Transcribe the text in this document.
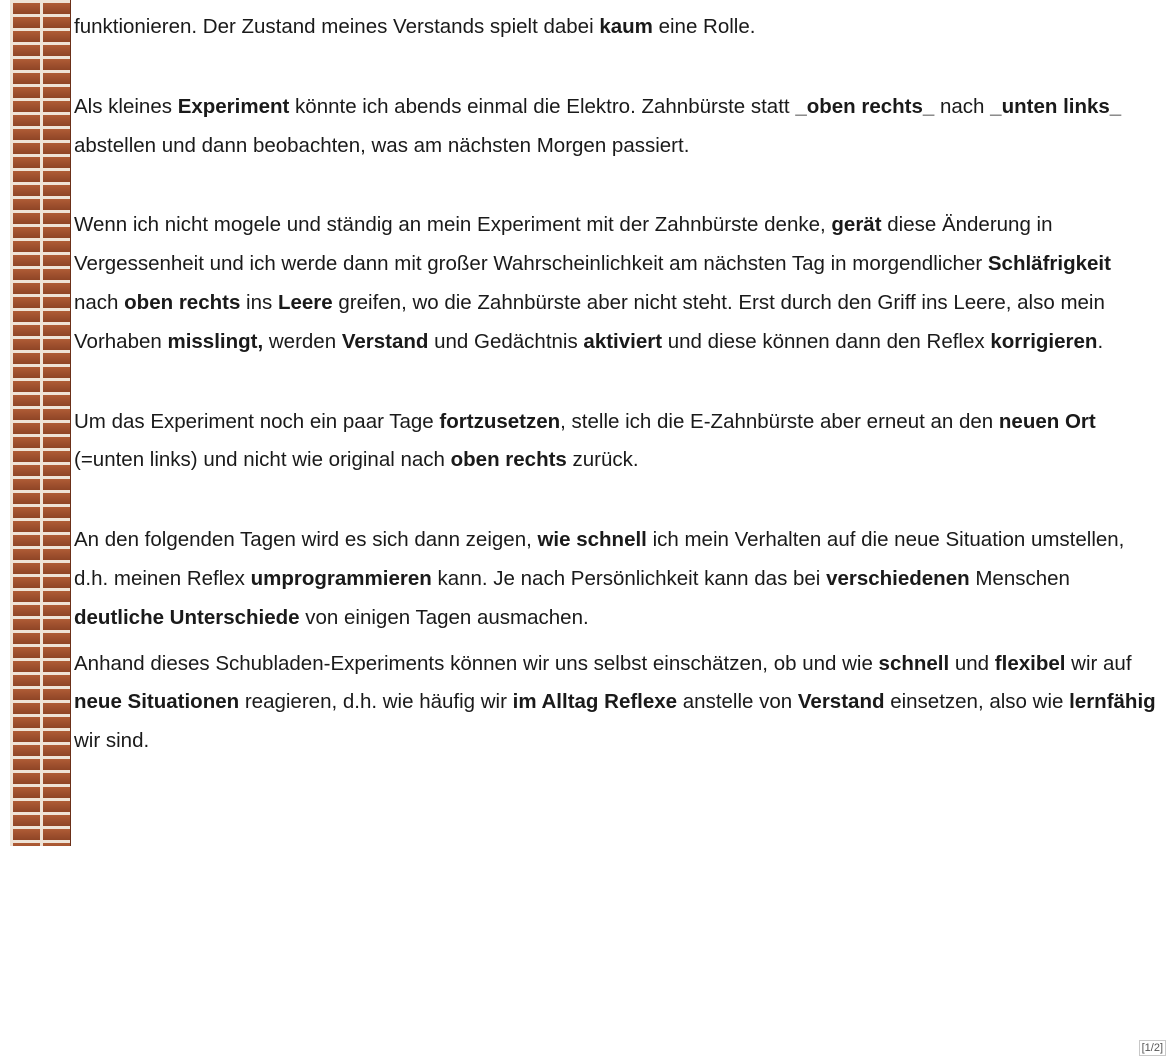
funktionieren. Der Zustand meines Verstands spielt dabei kaum eine Rolle.

Als kleines Experiment könnte ich abends einmal die Elektro. Zahnbürste statt _oben rechts_ nach _unten links_ abstellen und dann beobachten, was am nächsten Morgen passiert.

Wenn ich nicht mogele und ständig an mein Experiment mit der Zahnbürste denke, gerät diese Änderung in Vergessenheit und ich werde dann mit großer Wahrscheinlichkeit am nächsten Tag in morgendlicher Schläfrigkeit nach oben rechts ins Leere greifen, wo die Zahnbürste aber nicht steht. Erst durch den Griff ins Leere, also mein Vorhaben misslingt, werden Verstand und Gedächtnis aktiviert und diese können dann den Reflex korrigieren.

Um das Experiment noch ein paar Tage fortzusetzen, stelle ich die E-Zahnbürste aber erneut an den neuen Ort (=unten links) und nicht wie original nach oben rechts zurück.

An den folgenden Tagen wird es sich dann zeigen, wie schnell ich mein Verhalten auf die neue Situation umstellen, d.h. meinen Reflex umprogrammieren kann. Je nach Persönlichkeit kann das bei verschiedenen Menschen deutliche Unterschiede von einigen Tagen ausmachen.

Anhand dieses Schubladen-Experiments können wir uns selbst einschätzen, ob und wie schnell und flexibel wir auf neue Situationen reagieren, d.h. wie häufig wir im Alltag Reflexe anstelle von Verstand einsetzen, also wie lernfähig wir sind.

[1/2]
